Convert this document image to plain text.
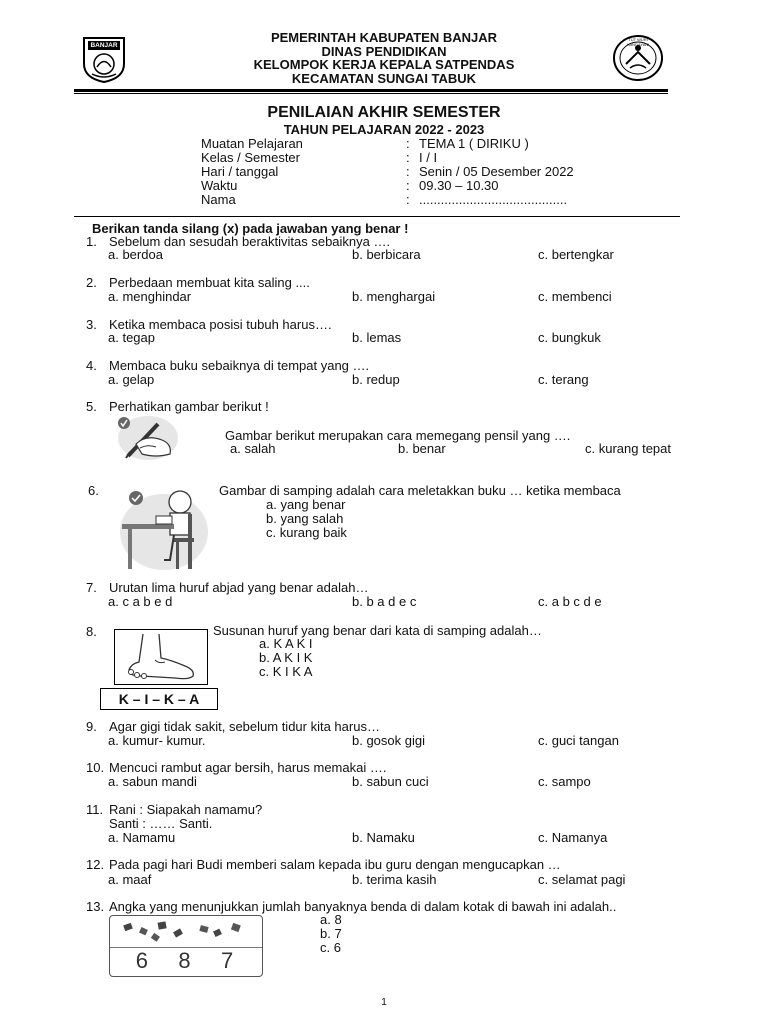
BANJAR
TUT WURI HANDAYANI
PEMERINTAH KABUPATEN BANJAR
DINAS PENDIDIKAN
KELOMPOK KERJA KEPALA SATPENDAS
KECAMATAN SUNGAI TABUK
PENILAIAN AKHIR SEMESTER
TAHUN PELAJARAN 2022 - 2023
Muatan Pelajaran	: TEMA 1 ( DIRIKU )
Kelas / Semester	: I / I
Hari / tanggal	: Senin / 05 Desember 2022
Waktu	: 09.30 – 10.30
Nama	: .........................................
Berikan tanda silang (x) pada jawaban yang benar !
1. Sebelum dan sesudah beraktivitas sebaiknya ….
a. berdoa	b. berbicara	c. bertengkar
2. Perbedaan membuat kita saling ....
a. menghindar	b. menghargai	c. membenci
3. Ketika membaca posisi tubuh harus….
a. tegap	b. lemas	c. bungkuk
4. Membaca buku sebaiknya di tempat yang ….
a. gelap	b. redup	c. terang
5. Perhatikan gambar berikut !
Gambar berikut merupakan cara memegang pensil yang ….
a. salah	b. benar	c. kurang tepat
6.	Gambar di samping adalah cara meletakkan buku … ketika membaca
a. yang benar
b. yang salah
c. kurang baik
7. Urutan lima huruf abjad yang benar adalah…
a. c a b e d	b. b a d e c	c. a b c d e
8.
K – I – K – A
Susunan huruf yang benar dari kata di samping adalah…
a. K A K I
b. A K I K
c. K I K A
9. Agar gigi tidak sakit, sebelum tidur kita harus…
a. kumur- kumur.	b. gosok gigi	c. guci tangan
10. Mencuci rambut agar bersih, harus memakai ….
a. sabun mandi	b. sabun cuci	c. sampo
11. Rani : Siapakah namamu?
Santi : …… Santi.
a. Namamu	b. Namaku	c. Namanya
12. Pada pagi hari Budi memberi salam kepada ibu guru dengan mengucapkan …
a. maaf	b. terima kasih	c. selamat pagi
13. Angka yang menunjukkan jumlah banyaknya benda di dalam kotak di bawah ini adalah..
a. 8
b. 7
c. 6
6   8   7
1
